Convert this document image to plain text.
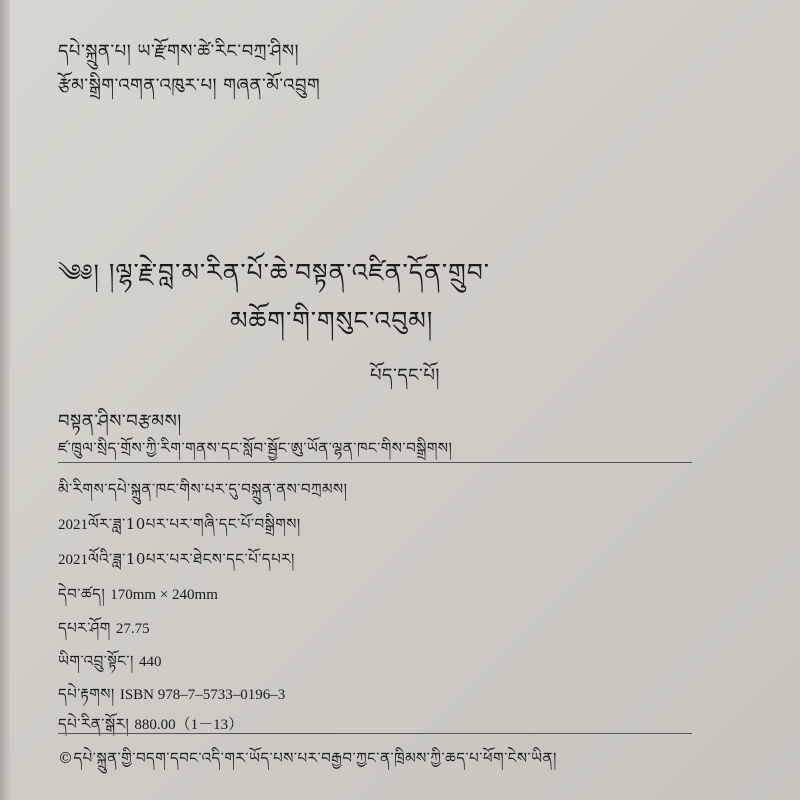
དཔེ་སྐྲུན་པ། ཡ་རྫོགས་ཚེ་རིང་བཀྲ་ཤིས།
རྩོམ་སྒྲིག་འགན་འཁུར་པ། གཞན་མོ་འབྲུག
༄༅། །ལྷ་རྗེ་བླ་མ་རིན་པོ་ཆེ་བསྟན་འཛིན་དོན་གྲུབ་
མཆོག་གི་གསུང་འབུམ།
པོད་དང་པོ།
བསྟན་ཤིས་བརྩམས།
ཛ་ཁྲུལ་སྲིད་གྲོས་ཀྱི་རིག་གནས་དང་སློབ་སྦྱོང་ཨུ་ཡོན་ལྷན་ཁང་གིས་བསྒྲིགས།
མི་རིགས་དཔེ་སྐྲུན་ཁང་གིས་པར་དུ་བསྐྲུན་ནས་བཀྲམས།
2021ལོར་ཟླ་10པར་པར་གཞི་དང་པོ་བསྒྲིགས།
2021ལོའི་ཟླ་10པར་པར་ཐེངས་དང་པོ་དཔར།
དེབ་ཚད། 170mm × 240mm
དཔར་ཤོག 27.75
ཡིག་འབྲུ་སྟོང་། 440
དཔེ་རྟགས། ISBN 978–7–5733–0196–3
དཔེ་རིན་སྒོར། 880.00（1－13）
©དཔེ་སྐྲུན་གྱི་བདག་དབང་འདི་གར་ཡོད་པས་པར་བརྒྱབ་ཀྱང་ན་ཁྲིམས་ཀྱི་ཆད་པ་ཕོག་ངེས་ཡིན།
